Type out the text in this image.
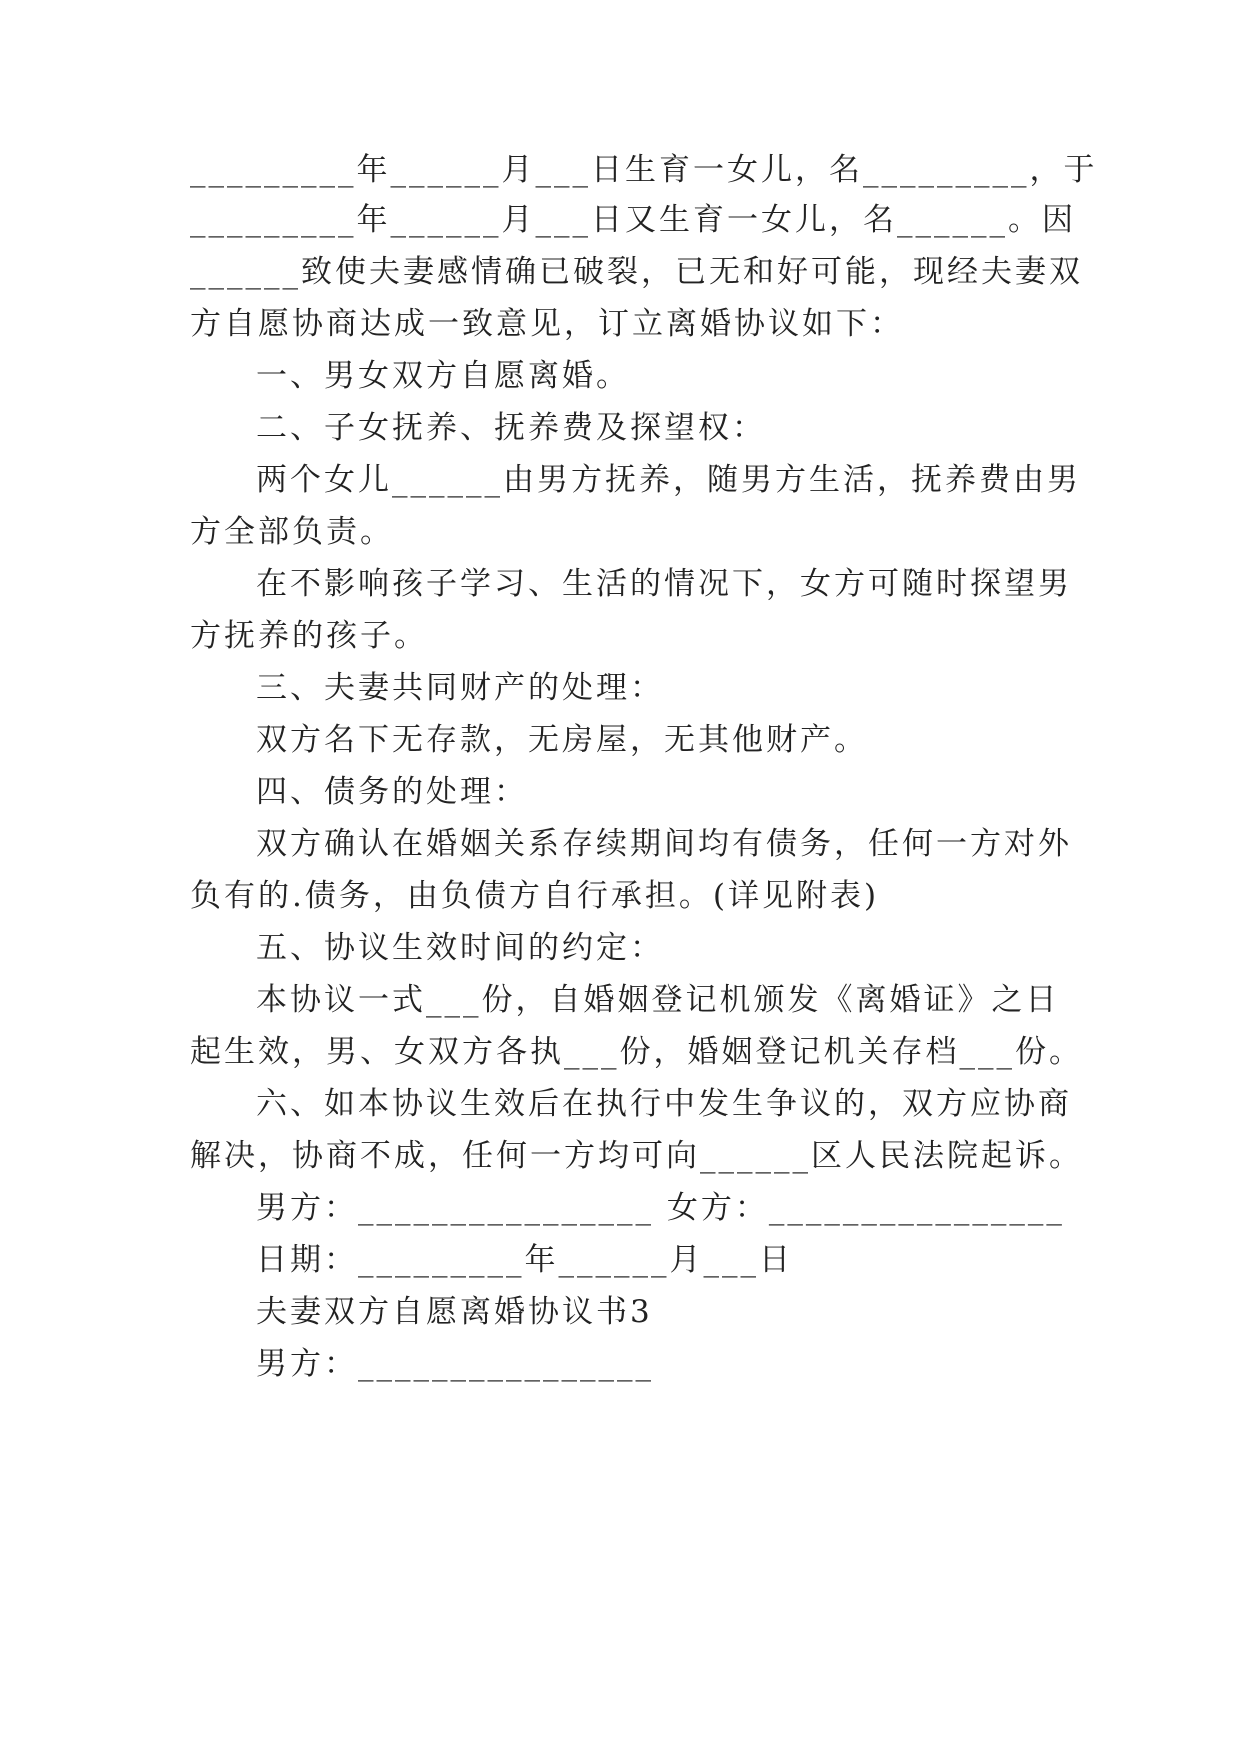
_________年______月___日生育一女儿，名_________，于
_________年______月___日又生育一女儿，名______。因
______致使夫妻感情确已破裂，已无和好可能，现经夫妻双
方自愿协商达成一致意见，订立离婚协议如下：
一、男女双方自愿离婚。
二、子女抚养、抚养费及探望权：
两个女儿______由男方抚养，随男方生活，抚养费由男
方全部负责。
在不影响孩子学习、生活的情况下，女方可随时探望男
方抚养的孩子。
三、夫妻共同财产的处理：
双方名下无存款，无房屋，无其他财产。
四、债务的处理：
双方确认在婚姻关系存续期间均有债务，任何一方对外
负有的.债务，由负债方自行承担。(详见附表)
五、协议生效时间的约定：
本协议一式___份，自婚姻登记机颁发《离婚证》之日
起生效，男、女双方各执___份，婚姻登记机关存档___份。
六、如本协议生效后在执行中发生争议的，双方应协商
解决，协商不成，任何一方均可向______区人民法院起诉。
男方：________________ 女方：________________
日期：_________年______月___日
夫妻双方自愿离婚协议书3
男方：________________
